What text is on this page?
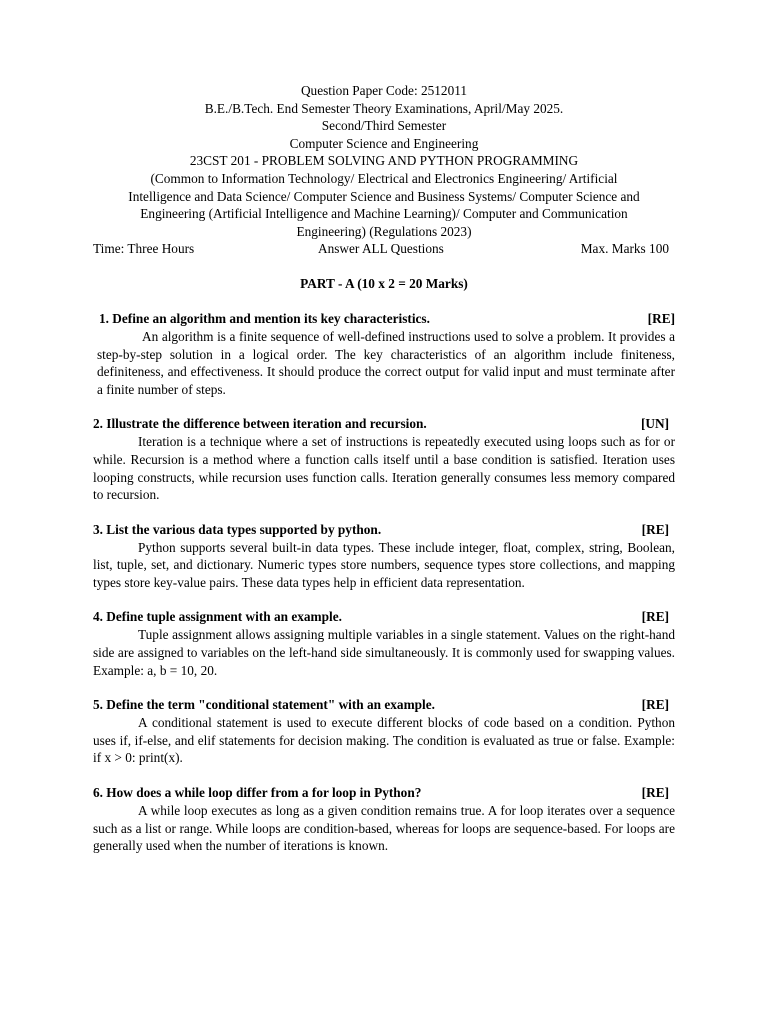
Question Paper Code: 2512011
B.E./B.Tech. End Semester Theory Examinations, April/May 2025.
Second/Third Semester
Computer Science and Engineering
23CST 201 - PROBLEM SOLVING AND PYTHON PROGRAMMING
(Common to Information Technology/ Electrical and Electronics Engineering/ Artificial
Intelligence and Data Science/ Computer Science and Business Systems/ Computer Science and
Engineering (Artificial Intelligence and Machine Learning)/ Computer and Communication
Engineering) (Regulations 2023)
Time: Three Hours	Answer ALL Questions	Max. Marks 100
PART - A (10 x 2 = 20 Marks)
1. Define an algorithm and mention its key characteristics.	[RE]
An algorithm is a finite sequence of well-defined instructions used to solve a problem. It provides a step-by-step solution in a logical order. The key characteristics of an algorithm include finiteness, definiteness, and effectiveness. It should produce the correct output for valid input and must terminate after a finite number of steps.
2. Illustrate the difference between iteration and recursion.	[UN]
Iteration is a technique where a set of instructions is repeatedly executed using loops such as for or while. Recursion is a method where a function calls itself until a base condition is satisfied. Iteration uses looping constructs, while recursion uses function calls. Iteration generally consumes less memory compared to recursion.
3. List the various data types supported by python.	[RE]
Python supports several built-in data types. These include integer, float, complex, string, Boolean, list, tuple, set, and dictionary. Numeric types store numbers, sequence types store collections, and mapping types store key-value pairs. These data types help in efficient data representation.
4. Define tuple assignment with an example.	[RE]
Tuple assignment allows assigning multiple variables in a single statement. Values on the right-hand side are assigned to variables on the left-hand side simultaneously. It is commonly used for swapping values. Example: a, b = 10, 20.
5. Define the term "conditional statement" with an example.	[RE]
A conditional statement is used to execute different blocks of code based on a condition. Python uses if, if-else, and elif statements for decision making. The condition is evaluated as true or false. Example: if x > 0: print(x).
6. How does a while loop differ from a for loop in Python?	[RE]
A while loop executes as long as a given condition remains true. A for loop iterates over a sequence such as a list or range. While loops are condition-based, whereas for loops are sequence-based. For loops are generally used when the number of iterations is known.
